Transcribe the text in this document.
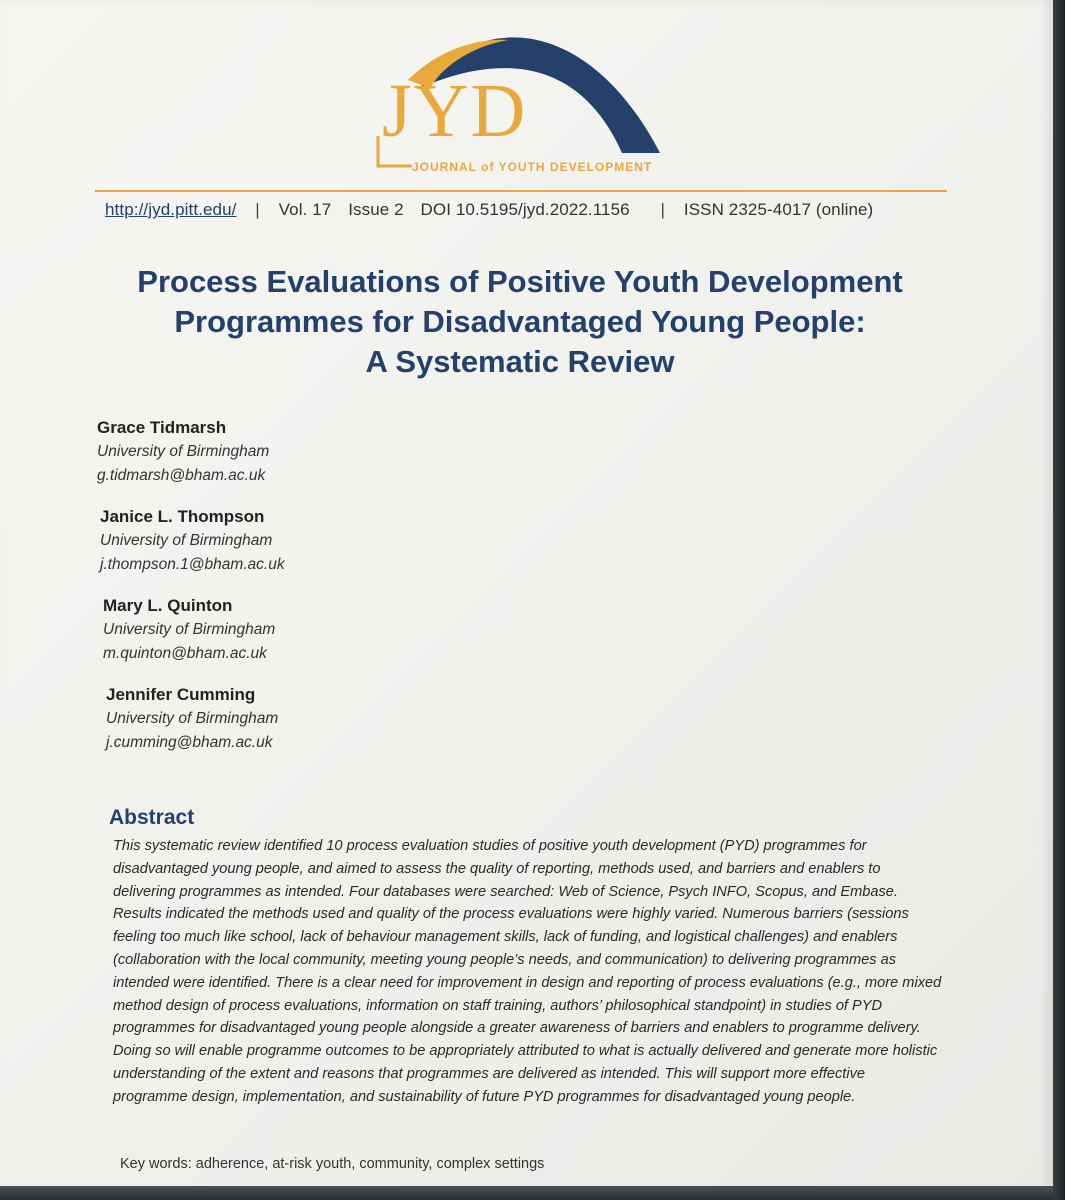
JYD
JOURNAL of YOUTH DEVELOPMENT
http://jyd.pitt.edu/ | Vol. 17 Issue 2 DOI 10.5195/jyd.2022.1156 | ISSN 2325-4017 (online)
Process Evaluations of Positive Youth Development
Programmes for Disadvantaged Young People:
A Systematic Review
Grace Tidmarsh
University of Birmingham
g.tidmarsh@bham.ac.uk
Janice L. Thompson
University of Birmingham
j.thompson.1@bham.ac.uk
Mary L. Quinton
University of Birmingham
m.quinton@bham.ac.uk
Jennifer Cumming
University of Birmingham
j.cumming@bham.ac.uk
Abstract
This systematic review identified 10 process evaluation studies of positive youth development (PYD) programmes for disadvantaged young people, and aimed to assess the quality of reporting, methods used, and barriers and enablers to delivering programmes as intended. Four databases were searched: Web of Science, Psych INFO, Scopus, and Embase. Results indicated the methods used and quality of the process evaluations were highly varied. Numerous barriers (sessions feeling too much like school, lack of behaviour management skills, lack of funding, and logistical challenges) and enablers (collaboration with the local community, meeting young people’s needs, and communication) to delivering programmes as intended were identified. There is a clear need for improvement in design and reporting of process evaluations (e.g., more mixed method design of process evaluations, information on staff training, authors’ philosophical standpoint) in studies of PYD programmes for disadvantaged young people alongside a greater awareness of barriers and enablers to programme delivery. Doing so will enable programme outcomes to be appropriately attributed to what is actually delivered and generate more holistic understanding of the extent and reasons that programmes are delivered as intended. This will support more effective programme design, implementation, and sustainability of future PYD programmes for disadvantaged young people.
Key words: adherence, at-risk youth, community, complex settings
